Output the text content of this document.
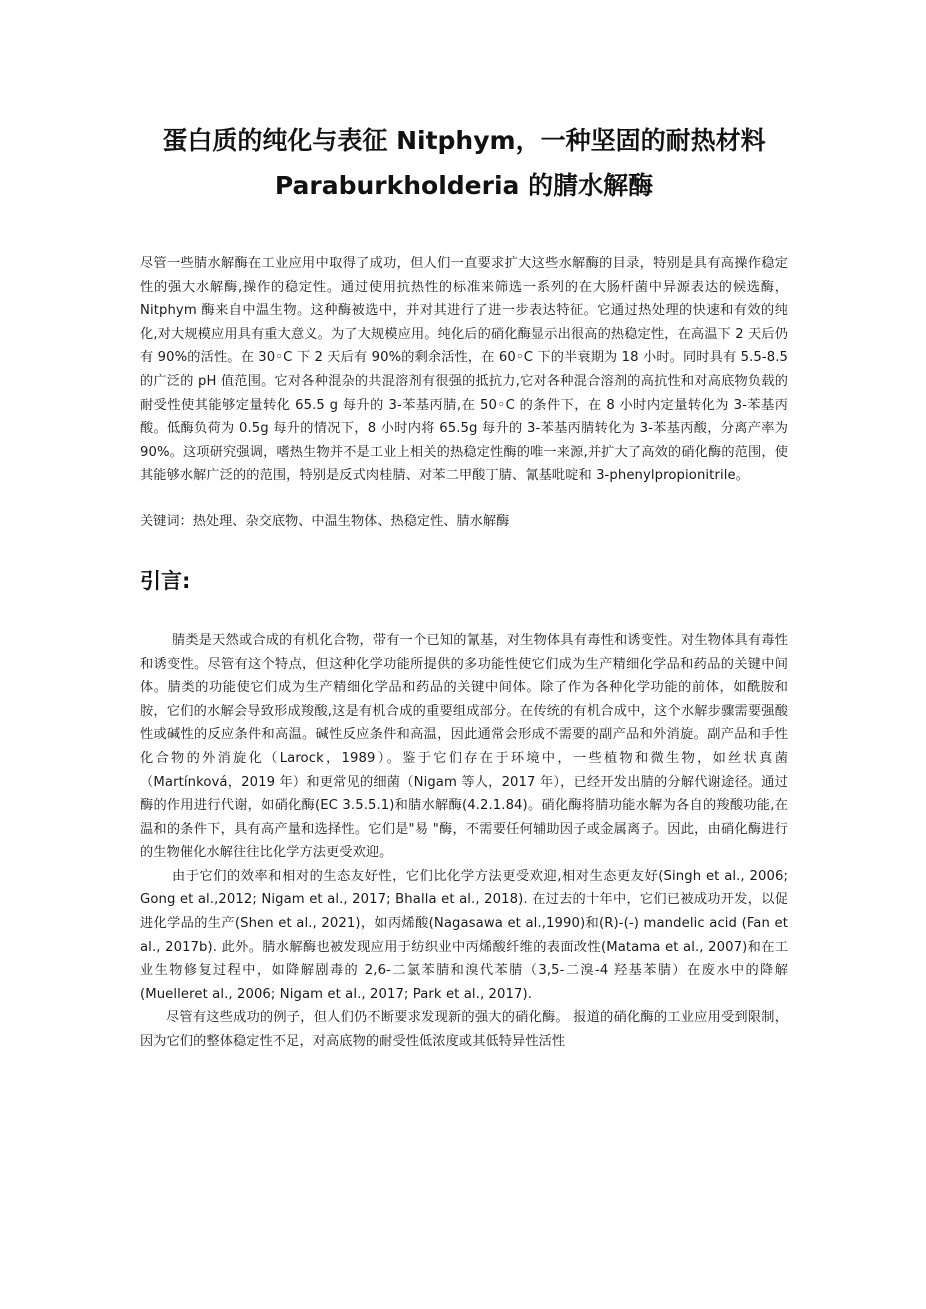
蛋白质的纯化与表征 Nitphym，一种坚固的耐热材料
Paraburkholderia 的腈水解酶

尽管一些腈水解酶在工业应用中取得了成功，但人们一直要求扩大这些水解酶的目录，特别是具有高操作稳定性的强大水解酶,操作的稳定性。通过使用抗热性的标准来筛选一系列的在大肠杆菌中异源表达的候选酶，Nitphym 酶来自中温生物。这种酶被选中，并对其进行了进一步表达特征。它通过热处理的快速和有效的纯化,对大规模应用具有重大意义。为了大规模应用。纯化后的硝化酶显示出很高的热稳定性，在高温下 2 天后仍有 90%的活性。在 30◦C 下 2 天后有 90%的剩余活性，在 60◦C 下的半衰期为 18 小时。同时具有 5.5-8.5 的广泛的 pH 值范围。它对各种混杂的共混溶剂有很强的抵抗力,它对各种混合溶剂的高抗性和对高底物负载的耐受性使其能够定量转化 65.5 g 每升的 3-苯基丙腈,在 50◦C 的条件下，在 8 小时内定量转化为 3-苯基丙酸。低酶负荷为 0.5g 每升的情况下，8 小时内将 65.5g 每升的 3-苯基丙腈转化为 3-苯基丙酸，分离产率为 90%。这项研究强调，嗜热生物并不是工业上相关的热稳定性酶的唯一来源,并扩大了高效的硝化酶的范围，使其能够水解广泛的的范围，特别是反式肉桂腈、对苯二甲酸丁腈、氰基吡啶和 3-phenylpropionitrile。

关键词：热处理、杂交底物、中温生物体、热稳定性、腈水解酶

引言:

腈类是天然或合成的有机化合物，带有一个已知的氰基，对生物体具有毒性和诱变性。对生物体具有毒性和诱变性。尽管有这个特点，但这种化学功能所提供的多功能性使它们成为生产精细化学品和药品的关键中间体。腈类的功能使它们成为生产精细化学品和药品的关键中间体。除了作为各种化学功能的前体，如酰胺和胺，它们的水解会导致形成羧酸,这是有机合成的重要组成部分。在传统的有机合成中，这个水解步骤需要强酸性或碱性的反应条件和高温。碱性反应条件和高温，因此通常会形成不需要的副产品和外消旋。副产品和手性化合物的外消旋化（Larock，1989）。鉴于它们存在于环境中，一些植物和微生物，如丝状真菌（Martínková，2019 年）和更常见的细菌（Nigam 等人，2017 年），已经开发出腈的分解代谢途径。通过酶的作用进行代谢，如硝化酶(EC 3.5.5.1)和腈水解酶(4.2.1.84)。硝化酶将腈功能水解为各自的羧酸功能,在温和的条件下，具有高产量和选择性。它们是"易 "酶，不需要任何辅助因子或金属离子。因此，由硝化酶进行的生物催化水解往往比化学方法更受欢迎。

由于它们的效率和相对的生态友好性，它们比化学方法更受欢迎,相对生态更友好(Singh et al., 2006; Gong et al.,2012; Nigam et al., 2017; Bhalla et al., 2018). 在过去的十年中，它们已被成功开发，以促进化学品的生产(Shen et al., 2021)，如丙烯酸(Nagasawa et al.,1990)和(R)-(-) mandelic acid (Fan et al., 2017b). 此外。腈水解酶也被发现应用于纺织业中丙烯酸纤维的表面改性(Matama et al., 2007)和在工业生物修复过程中，如降解剧毒的 2,6-二氯苯腈和溴代苯腈（3,5-二溴-4 羟基苯腈）在废水中的降解(Muelleret al., 2006; Nigam et al., 2017; Park et al., 2017).

尽管有这些成功的例子，但人们仍不断要求发现新的强大的硝化酶。 报道的硝化酶的工业应用受到限制，因为它们的整体稳定性不足，对高底物的耐受性低浓度或其低特异性活性
